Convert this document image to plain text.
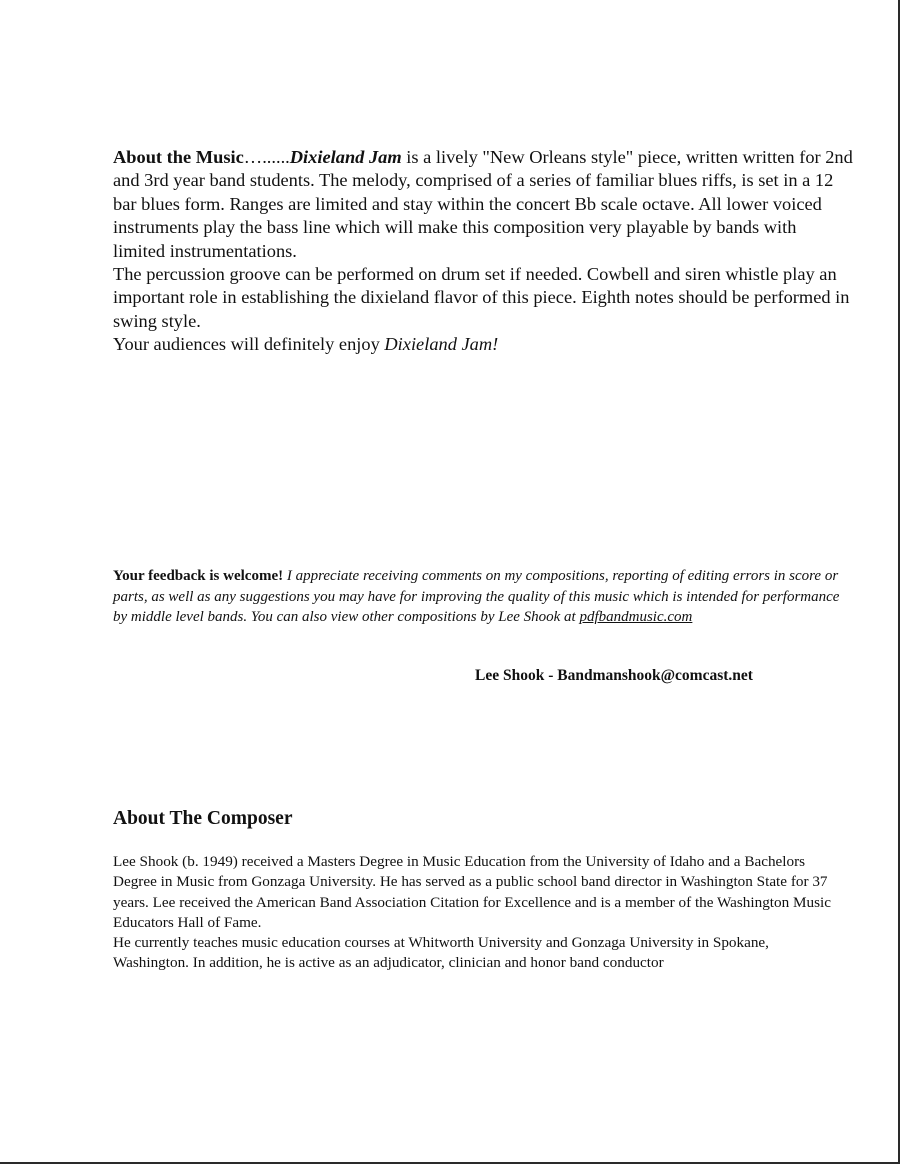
About the Music…......Dixieland Jam is a lively "New Orleans style" piece, written written for 2nd and 3rd year band students. The melody, comprised of a series of familiar blues riffs, is set in a 12 bar blues form. Ranges are limited and stay within the concert Bb scale octave. All lower voiced instruments play the bass line which will make this composition very playable by bands with limited instrumentations.

The percussion groove can be performed on drum set if needed. Cowbell and siren whistle play an important role in establishing the dixieland flavor of this piece. Eighth notes should be performed in swing style.

Your audiences will definitely enjoy Dixieland Jam!

Your feedback is welcome! I appreciate receiving comments on my compositions, reporting of editing errors in score or parts, as well as any suggestions you may have for improving the quality of this music which is intended for performance by middle level bands. You can also view other compositions by Lee Shook at pdfbandmusic.com
Lee Shook - Bandmanshook@comcast.net
About The Composer

Lee Shook (b. 1949) received a Masters Degree in Music Education from the University of Idaho and a Bachelors Degree in Music from Gonzaga University. He has served as a public school band director in Washington State for 37 years. Lee received the American Band Association Citation for Excellence and is a member of the Washington Music Educators Hall of Fame.

He currently teaches music education courses at Whitworth University and Gonzaga University in Spokane, Washington. In addition, he is active as an adjudicator, clinician and honor band conductor
